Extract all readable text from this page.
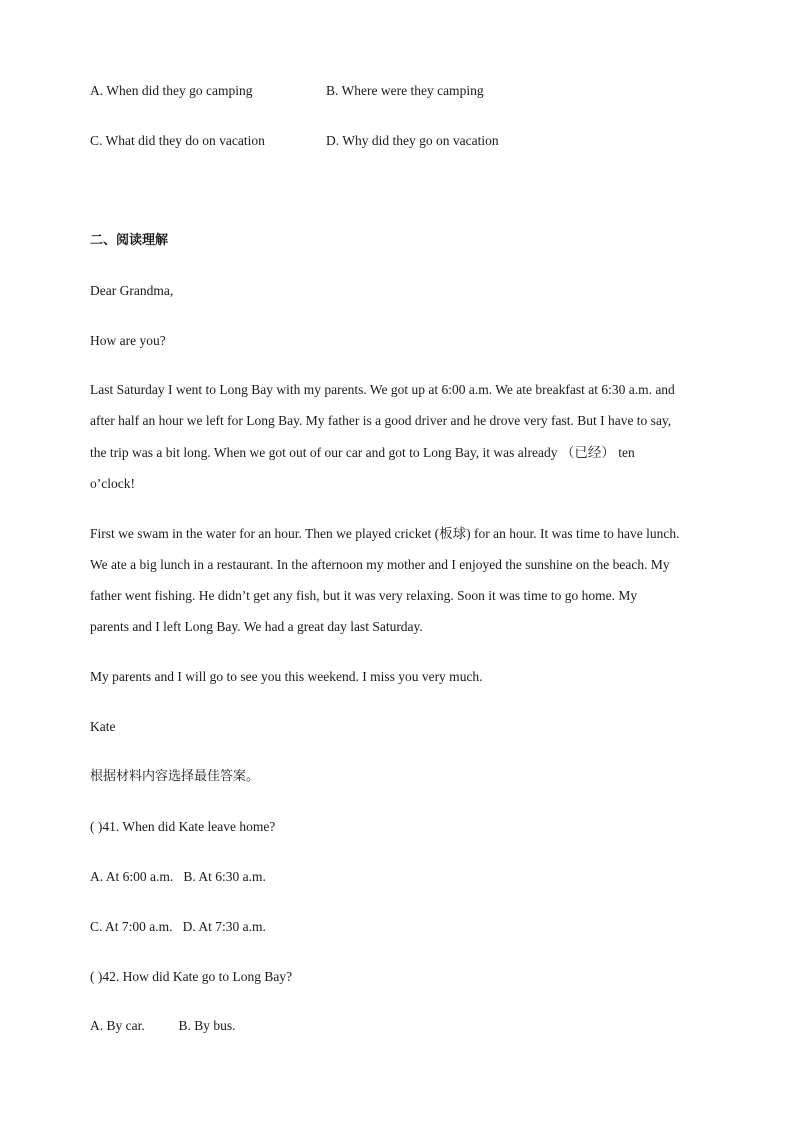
A. When did they go camping	B. Where were they camping
C. What did they do on vacation	D. Why did they go on vacation
二、阅读理解
Dear Grandma,
How are you?
Last Saturday I went to Long Bay with my parents. We got up at 6:00 a.m. We ate breakfast at 6:30 a.m. and
after half an hour we left for Long Bay. My father is a good driver and he drove very fast. But I have to say,
the trip was a bit long. When we got out of our car and got to Long Bay, it was already （已经） ten
o’clock!
First we swam in the water for an hour. Then we played cricket (板球) for an hour. It was time to have lunch.
We ate a big lunch in a restaurant. In the afternoon my mother and I enjoyed the sunshine on the beach. My
father went fishing. He didn’t get any fish, but it was very relaxing. Soon it was time to go home. My
parents and I left Long Bay. We had a great day last Saturday.
My parents and I will go to see you this weekend. I miss you very much.
Kate
根据材料内容选择最佳答案。
( )41. When did Kate leave home?
A. At 6:00 a.m.   B. At 6:30 a.m.
C. At 7:00 a.m.   D. At 7:30 a.m.
( )42. How did Kate go to Long Bay?
A. By car.          B. By bus.
